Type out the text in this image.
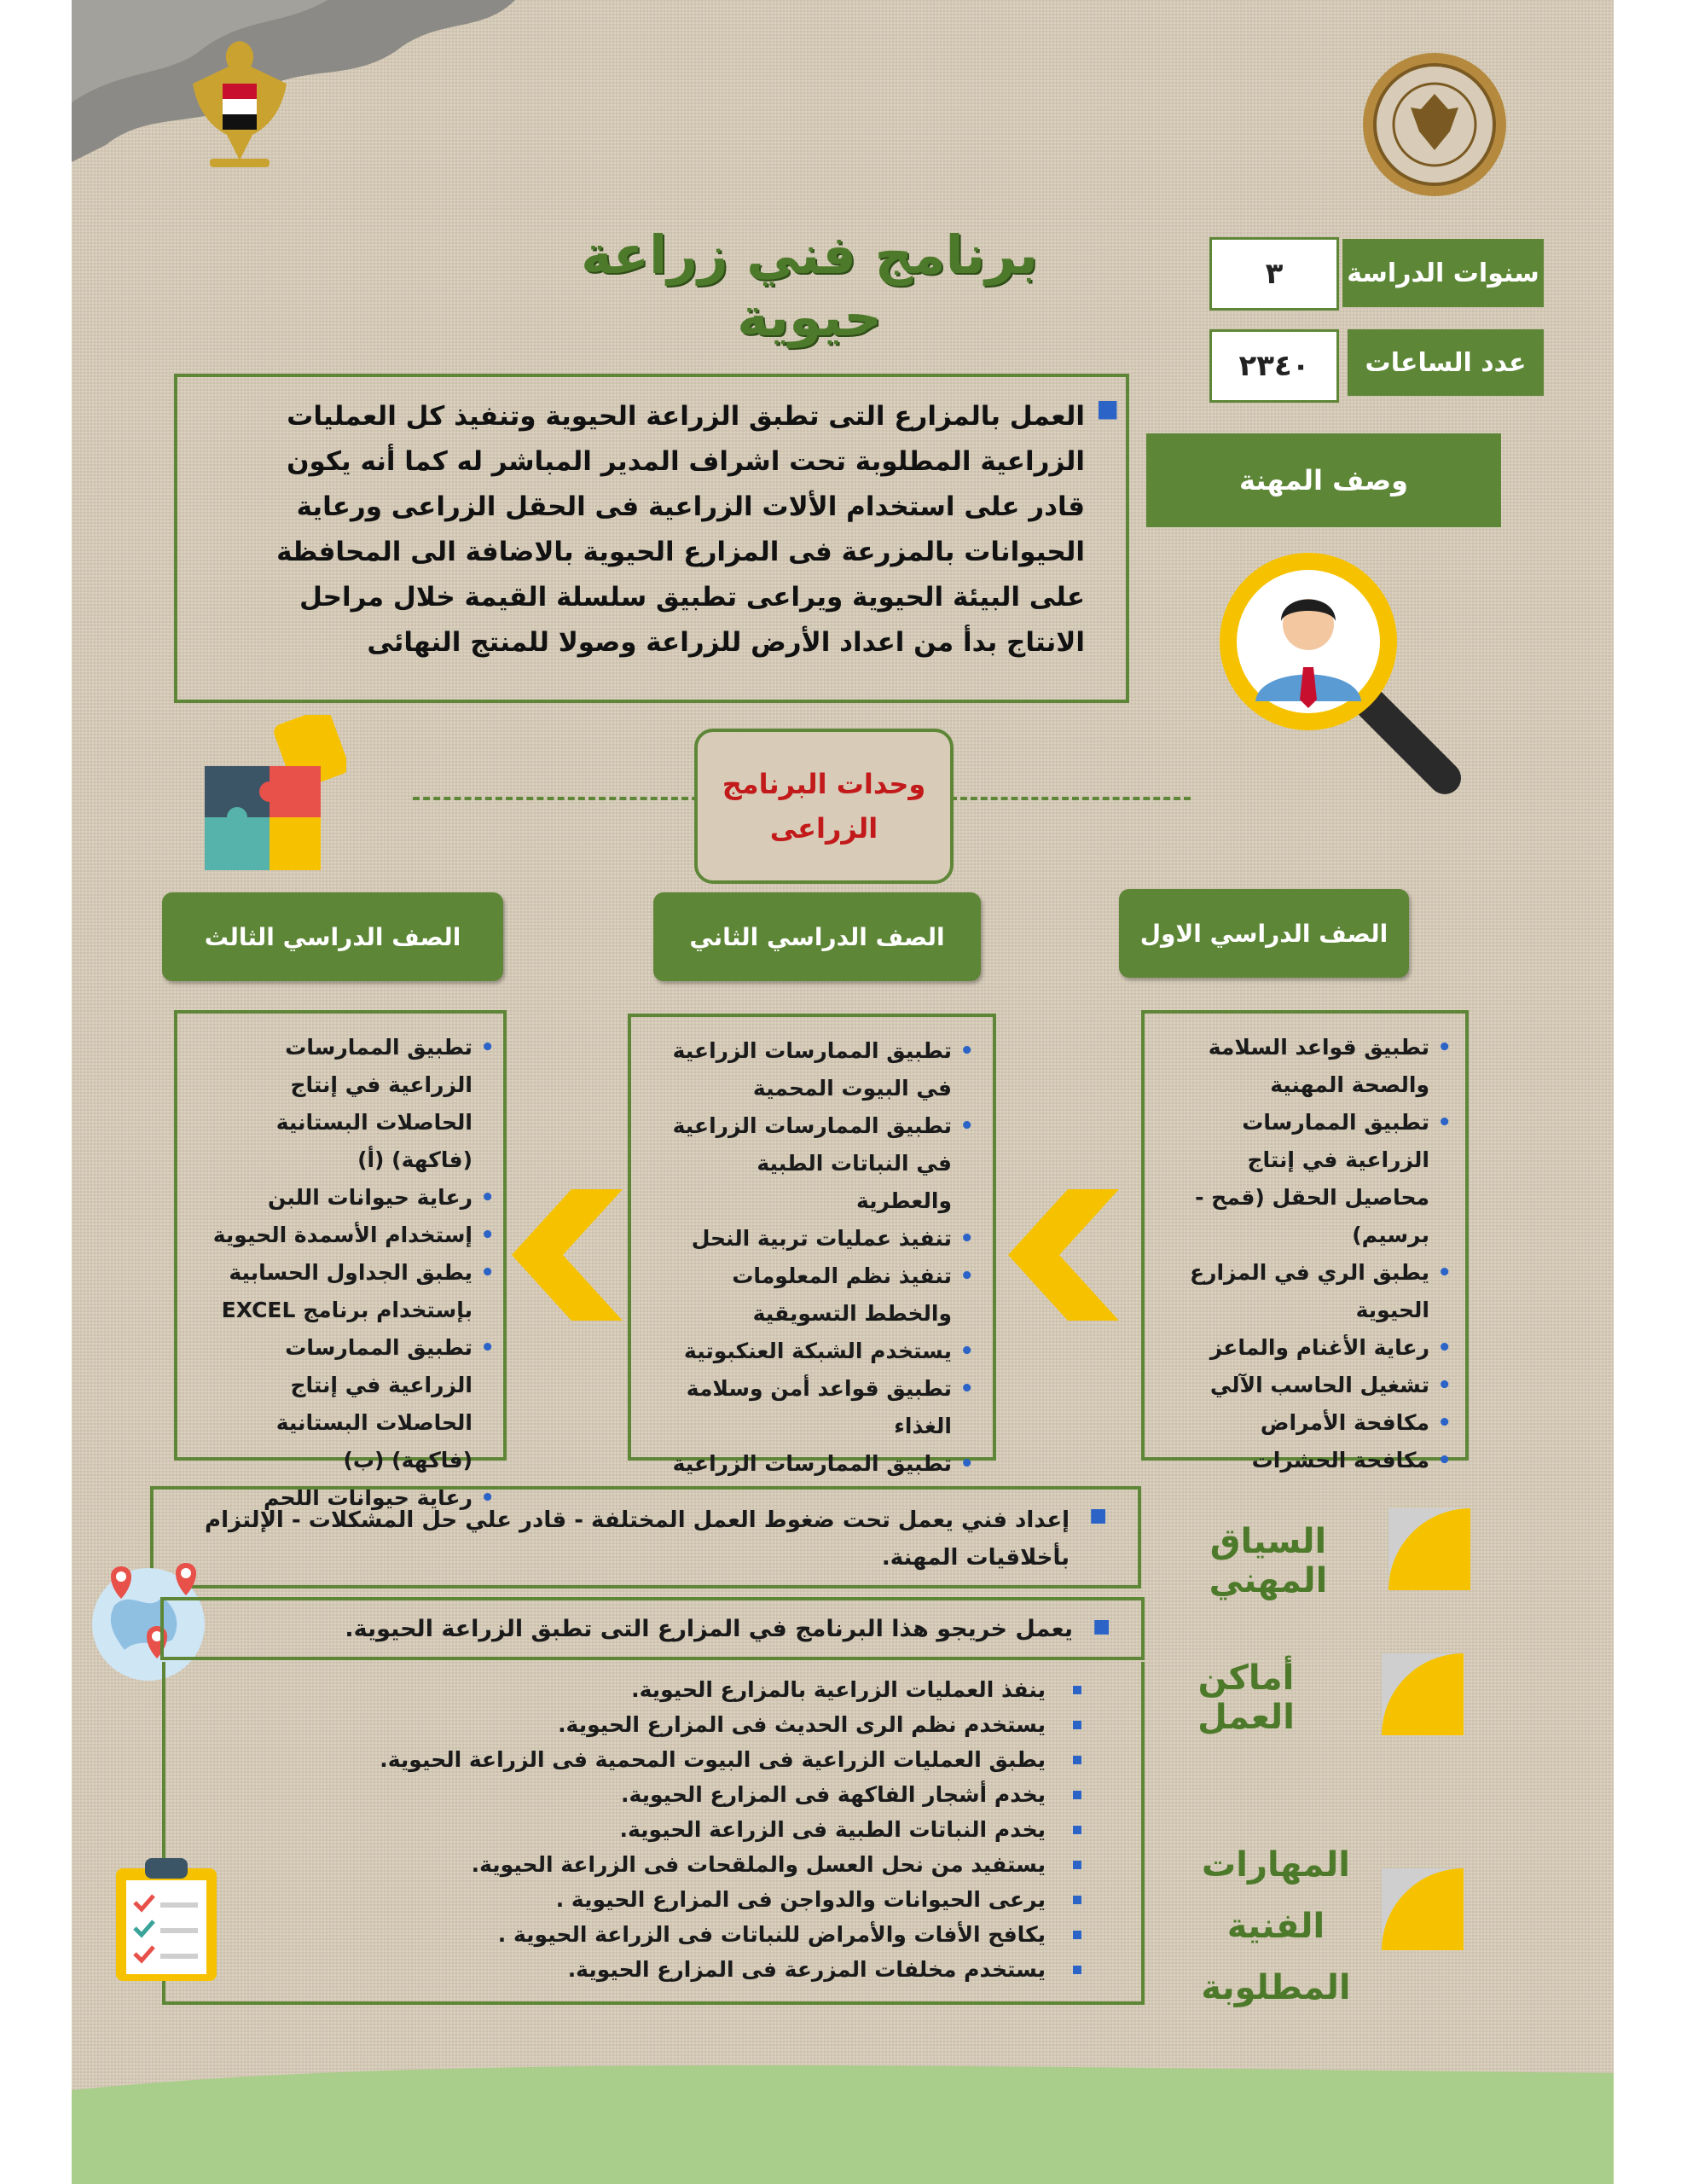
برنامج فني زراعة حيوية
سنوات الدراسة
٣
عدد الساعات
٢٣٤٠
وصف المهنة
■
العمل بالمزارع التى تطبق الزراعة الحيوية وتنفيذ كل العمليات الزراعية المطلوبة تحت اشراف المدير المباشر له كما أنه يكون قادر على استخدام الألات الزراعية فى الحقل الزراعى ورعاية الحيوانات بالمزرعة فى المزارع الحيوية بالاضافة الى المحافظة على البيئة الحيوية ويراعى تطبيق سلسلة القيمة خلال مراحل الانتاج بدأ من اعداد الأرض للزراعة وصولا للمنتج النهائى
وحدات البرنامج
الزراعى
الصف الدراسي الاول
الصف الدراسي الثاني
الصف الدراسي الثالث
• تطبيق قواعد السلامة والصحة المهنية
• تطبيق الممارسات الزراعية في إنتاج محاصيل الحقل (قمح - برسيم)
• يطبق الري في المزارع الحيوية
• رعاية الأغنام والماعز
• تشغيل الحاسب الآلي
• مكافحة الأمراض
• مكافحة الحشرات
• تطبيق الممارسات الزراعية في البيوت المحمية
• تطبيق الممارسات الزراعية في النباتات الطبية والعطرية
• تنفيذ عمليات تربية النحل
• تنفيذ نظم المعلومات والخطط التسويقية
• يستخدم الشبكة العنكبوتية
• تطبيق قواعد أمن وسلامة الغذاء
• تطبيق الممارسات الزراعية
• تطبيق الممارسات الزراعية في إنتاج الحاصلات البستانية (فاكهة) (أ)
• رعاية حيوانات اللبن
• إستخدام الأسمدة الحيوية
• يطبق الجداول الحسابية بإستخدام برنامج EXCEL
• تطبيق الممارسات الزراعية في إنتاج الحاصلات البستانية (فاكهة) (ب)
• رعاية حيوانات اللحم
■
إعداد فني يعمل تحت ضغوط العمل المختلفة - قادر علي حل المشكلات - الإلتزام بأخلاقيات المهنة.	السياق المهني
■
يعمل خريجو هذا البرنامج في المزارع التى تطبق الزراعة الحيوية.
أماكن العمل
ينفذ العمليات الزراعية بالمزارع الحيوية.
يستخدم نظم الرى الحديث فى المزارع الحيوية.
يطبق العمليات الزراعية فى البيوت المحمية فى الزراعة الحيوية.
يخدم أشجار الفاكهة فى المزارع الحيوية.
يخدم النباتات الطبية فى الزراعة الحيوية.
يستفيد من نحل العسل والملقحات فى الزراعة الحيوية.
يرعى الحيوانات والدواجن فى المزارع الحيوية .
يكافح الأفات والأمراض للنباتات فى الزراعة الحيوية .
يستخدم مخلفات المزرعة فى المزارع الحيوية.
المهارات الفنية
المطلوبة
